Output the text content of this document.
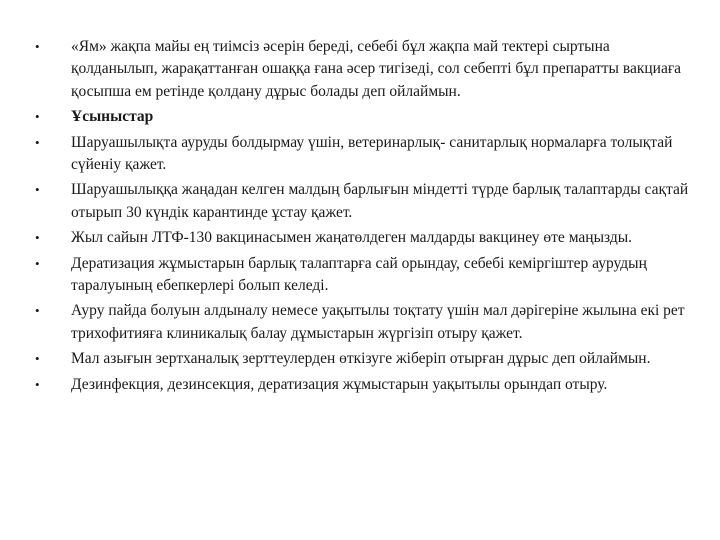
• «Ям» жақпа майы ең тиімсіз әсерін береді, себебі бұл жақпа май тектері сыртына қолданылып, жарақаттанған ошаққа ғана әсер тигізеді, сол себепті бұл препаратты вакциаға қосыпша ем ретінде қолдану дұрыс болады деп ойлаймын.
• Ұсыныстар
• Шаруашылықта ауруды болдырмау үшін, ветеринарлық- санитарлық нормаларға толықтай сүйеніу қажет.
• Шаруашылыққа жаңадан келген малдың барлығын міндетті түрде барлық талаптарды сақтай отырып 30 күндік карантинде ұстау қажет.
• Жыл сайын ЛТФ-130 вакцинасымен жаңатөлдеген малдарды вакцинеу өте маңызды.
• Дератизация жұмыстарын барлық талаптарға сай орындау, себебі кемiргiштер аурудың таралуының ебепкерлері болып келеді.
• Ауру пайда болуын алдыналу немесе уақытылы тоқтату үшін мал дәрігеріне жылына екі рет трихофитияға клиникалық балау дұмыстарын жүргізіп отыру қажет.
• Мал азығын зертханалық зерттеулерден өткізуге жіберіп отырған дұрыс деп ойлаймын.
• Дезинфекция, дезинсекция, дератизация жұмыстарын уақытылы орындап отыру.
